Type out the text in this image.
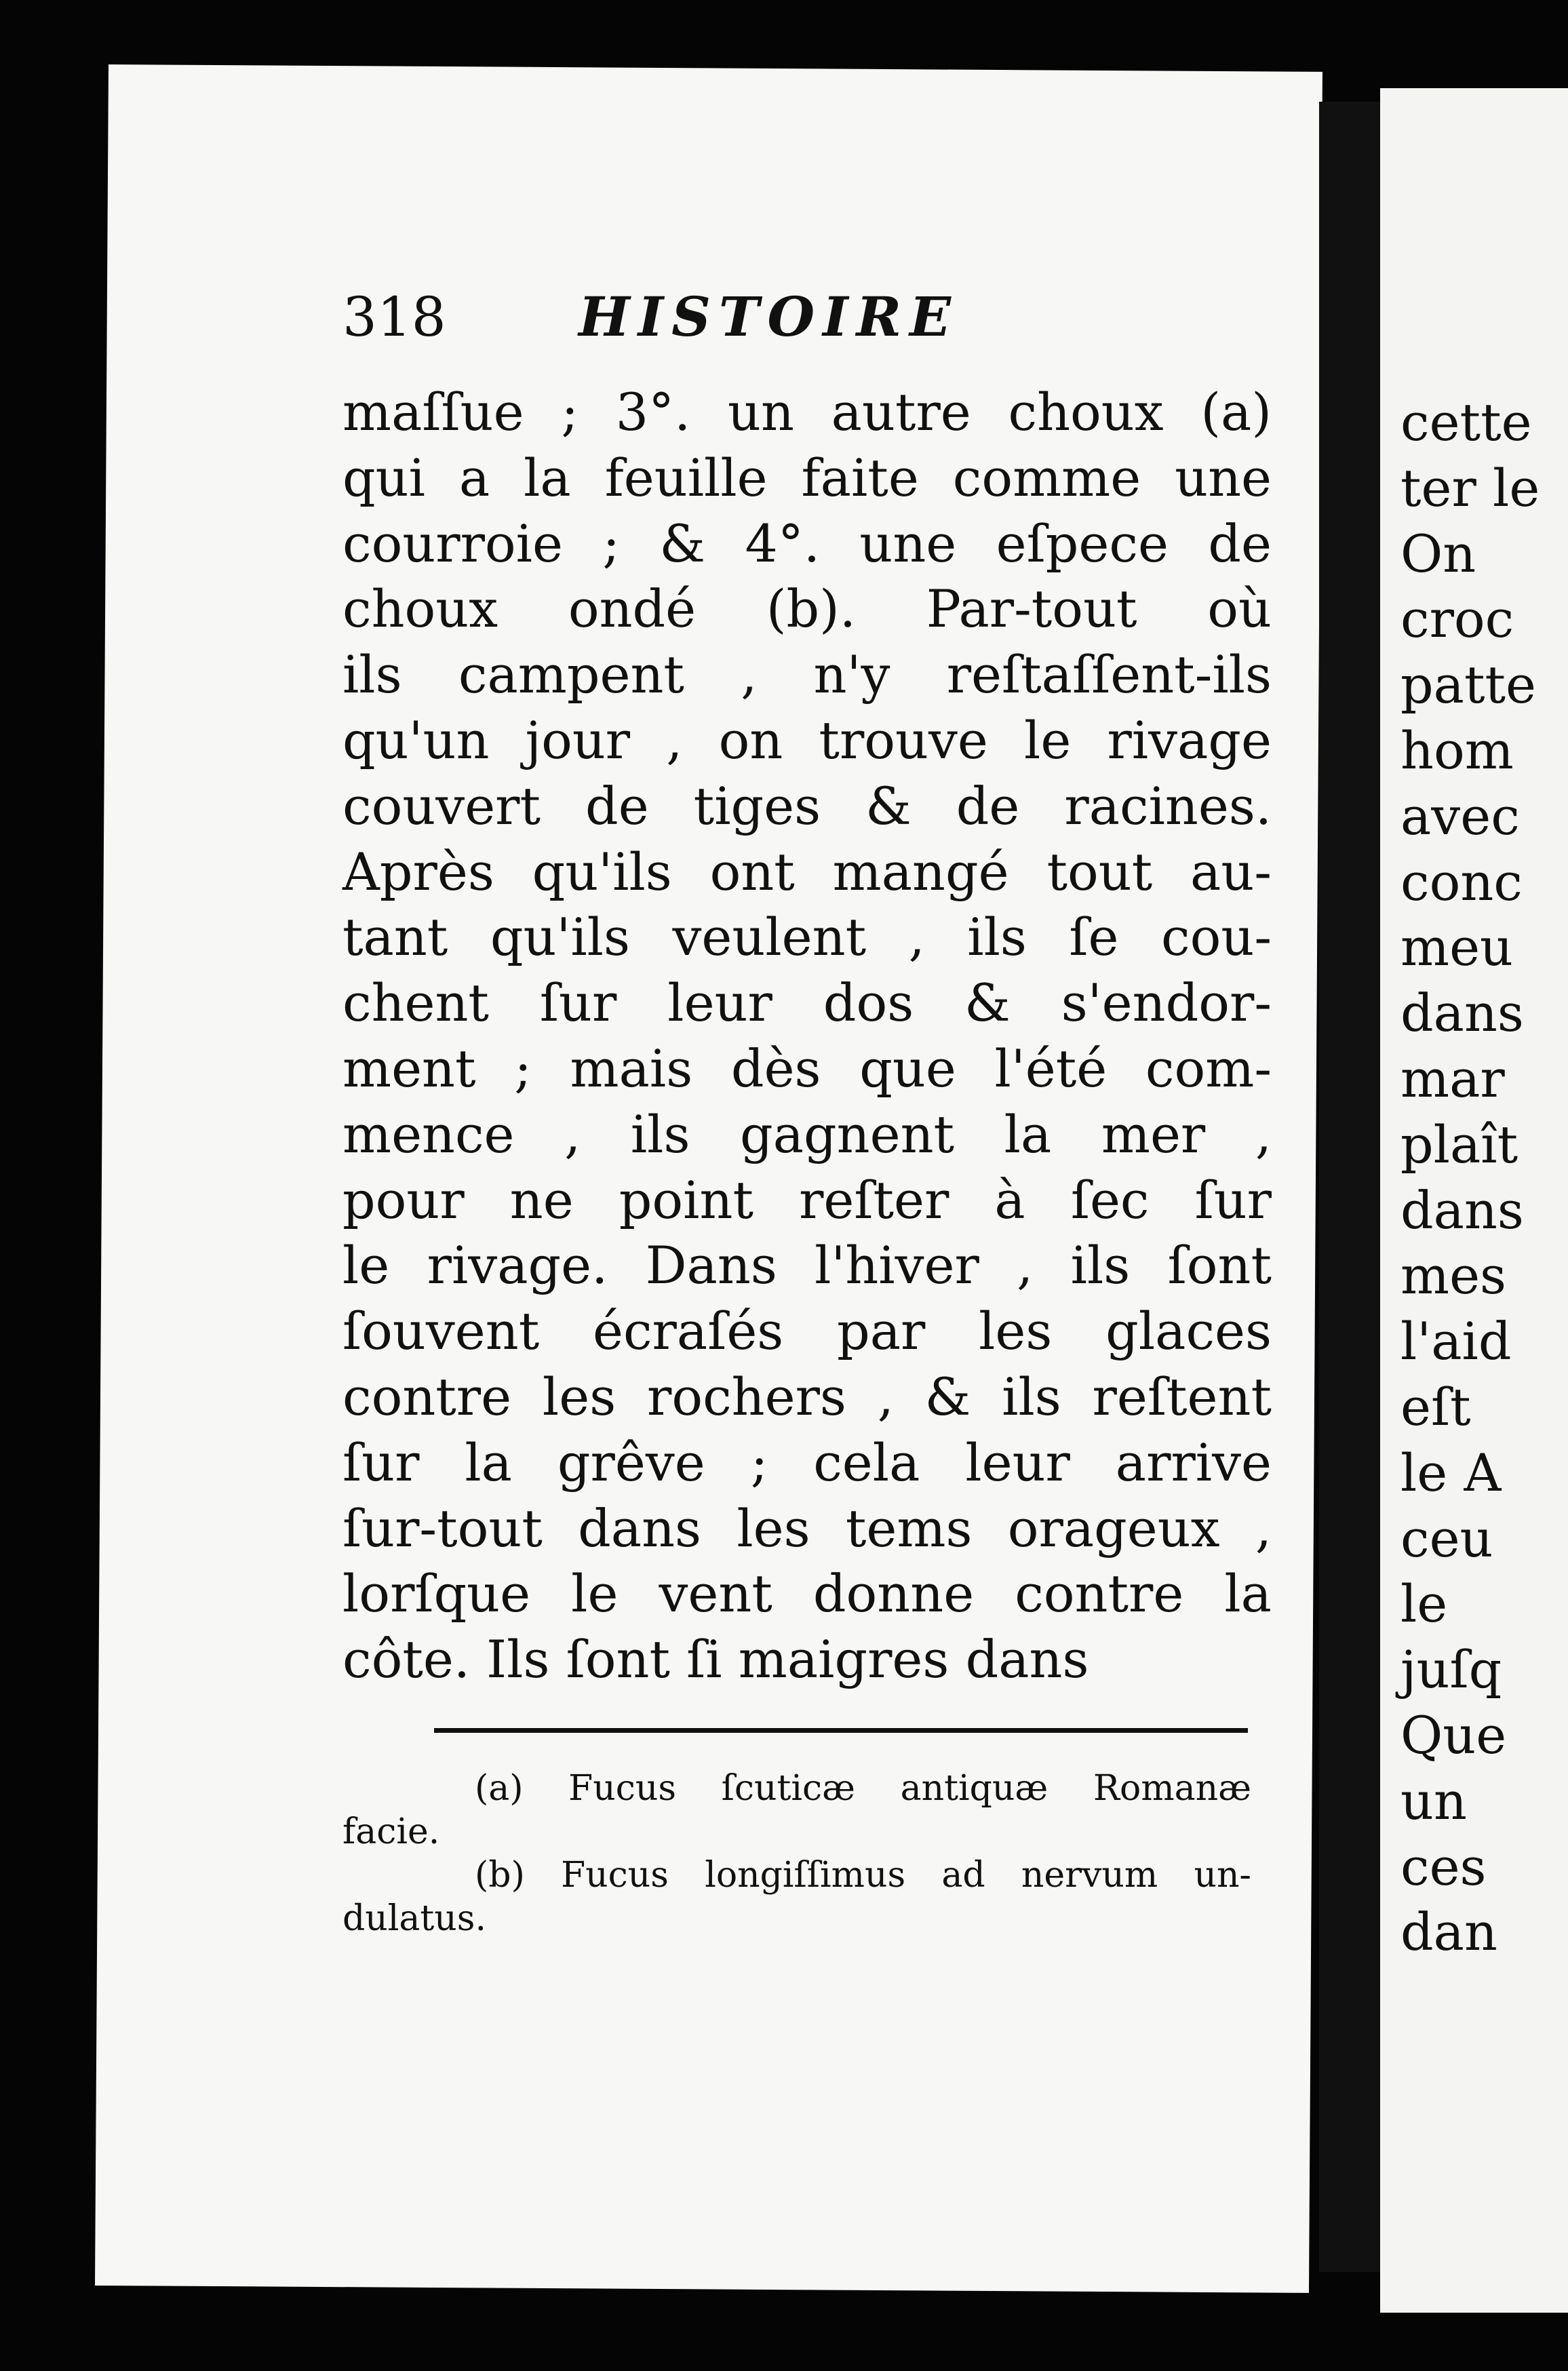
cette
ter le
On
croc
patte
hom
avec
conc
meu
dans
mar
plaît
dans
mes
l'aid
eſt
le A
ceu
le
juſq
Que
un
ces
dan
318 HISTOIRE
maſſue ; 3°. un autre choux (a)
qui a la feuille faite comme une
courroie ; & 4°. une eſpece de
choux ondé (b). Par-tout où
ils campent , n'y reſtaſſent-ils
qu'un jour , on trouve le rivage
couvert de tiges & de racines.
Après qu'ils ont mangé tout au-
tant qu'ils veulent , ils ſe cou-
chent ſur leur dos & s'endor-
ment ; mais dès que l'été com-
mence , ils gagnent la mer ,
pour ne point reſter à ſec ſur
le rivage. Dans l'hiver , ils ſont
ſouvent écraſés par les glaces
contre les rochers , & ils reſtent
ſur la grêve ; cela leur arrive
ſur-tout dans les tems orageux ,
lorſque le vent donne contre la
côte. Ils ſont ſi maigres dans
(a) Fucus ſcuticæ antiquæ Romanæ
facie.
(b) Fucus longiſſimus ad nervum un-
dulatus.
